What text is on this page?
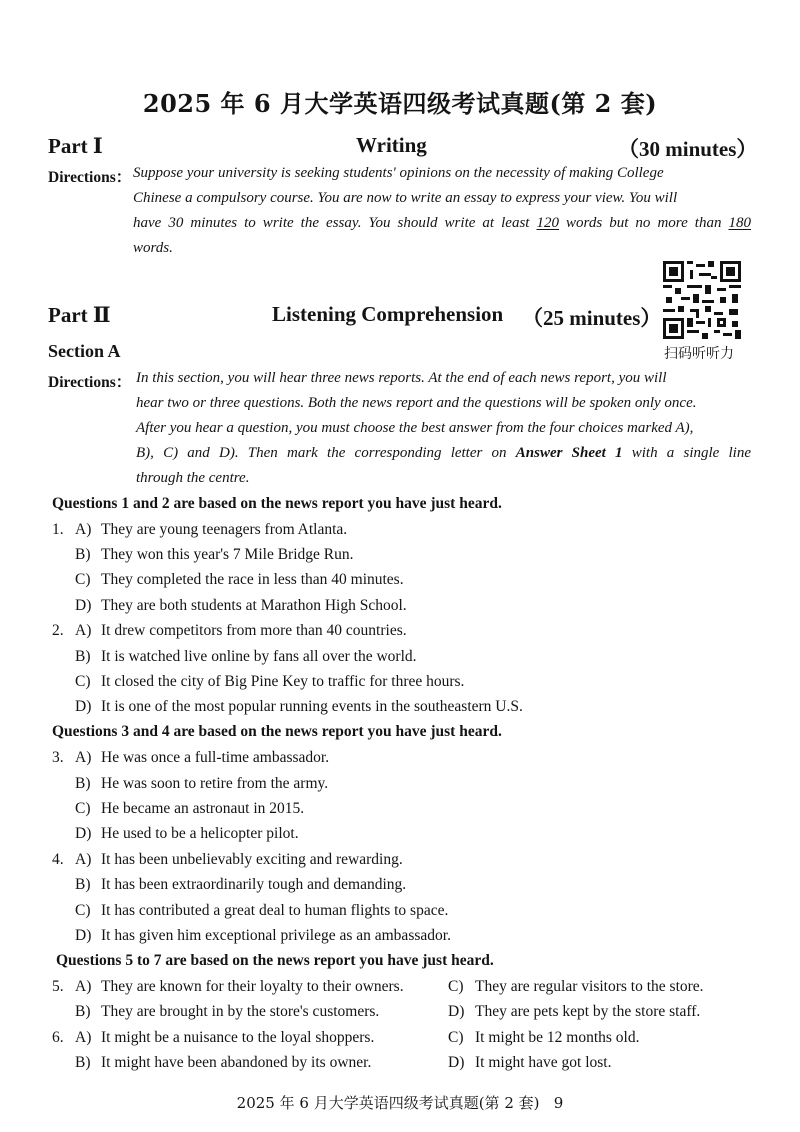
2025 年 6 月大学英语四级考试真题(第 2 套)
Part Ⅰ	Writing	（30 minutes）
Directions： Suppose your university is seeking students' opinions on the necessity of making College
Chinese a compulsory course. You are now to write an essay to express your view. You will
have 30 minutes to write the essay. You should write at least 120 words but no more than 180
words.
Part Ⅱ	Listening Comprehension （25 minutes）
扫码听听力
Section A
Directions： In this section, you will hear three news reports. At the end of each news report, you will
hear two or three questions. Both the news report and the questions will be spoken only once.
After you hear a question, you must choose the best answer from the four choices marked A),
B), C) and D). Then mark the corresponding letter on Answer Sheet 1 with a single line
through the centre.
Questions 1 and 2 are based on the news report you have just heard.
1. A) They are young teenagers from Atlanta.
B) They won this year's 7 Mile Bridge Run.
C) They completed the race in less than 40 minutes.
D) They are both students at Marathon High School.
2. A) It drew competitors from more than 40 countries.
B) It is watched live online by fans all over the world.
C) It closed the city of Big Pine Key to traffic for three hours.
D) It is one of the most popular running events in the southeastern U.S.
Questions 3 and 4 are based on the news report you have just heard.
3. A) He was once a full-time ambassador.
B) He was soon to retire from the army.
C) He became an astronaut in 2015.
D) He used to be a helicopter pilot.
4. A) It has been unbelievably exciting and rewarding.
B) It has been extraordinarily tough and demanding.
C) It has contributed a great deal to human flights to space.
D) It has given him exceptional privilege as an ambassador.
Questions 5 to 7 are based on the news report you have just heard.
5. A) They are known for their loyalty to their owners.	C) They are regular visitors to the store.
B) They are brought in by the store's customers.	D) They are pets kept by the store staff.
6. A) It might be a nuisance to the loyal shoppers.	C) It might be 12 months old.
B) It might have been abandoned by its owner.	D) It might have got lost.
2025 年 6 月大学英语四级考试真题(第 2 套)   9
